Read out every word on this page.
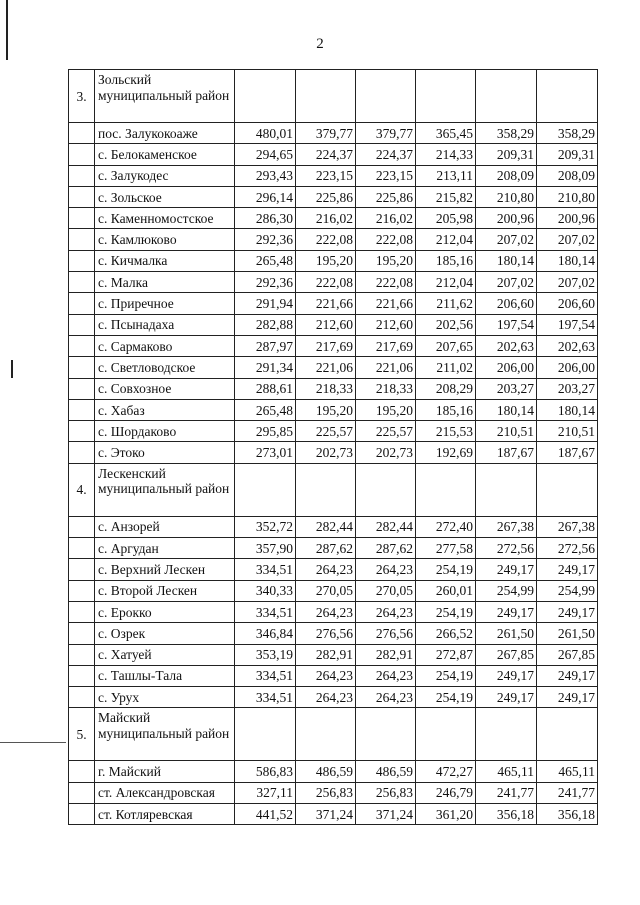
2
3.	Зольский муниципальный район						
	пос. Залукокоаже	480,01	379,77	379,77	365,45	358,29	358,29
	с. Белокаменское	294,65	224,37	224,37	214,33	209,31	209,31
	с. Залукодес	293,43	223,15	223,15	213,11	208,09	208,09
	с. Зольское	296,14	225,86	225,86	215,82	210,80	210,80
	с. Каменномостское	286,30	216,02	216,02	205,98	200,96	200,96
	с. Камлюково	292,36	222,08	222,08	212,04	207,02	207,02
	с. Кичмалка	265,48	195,20	195,20	185,16	180,14	180,14
	с. Малка	292,36	222,08	222,08	212,04	207,02	207,02
	с. Приречное	291,94	221,66	221,66	211,62	206,60	206,60
	с. Псынадаха	282,88	212,60	212,60	202,56	197,54	197,54
	с. Сармаково	287,97	217,69	217,69	207,65	202,63	202,63
	с. Светловодское	291,34	221,06	221,06	211,02	206,00	206,00
	с. Совхозное	288,61	218,33	218,33	208,29	203,27	203,27
	с. Хабаз	265,48	195,20	195,20	185,16	180,14	180,14
	с. Шордаково	295,85	225,57	225,57	215,53	210,51	210,51
	с. Этоко	273,01	202,73	202,73	192,69	187,67	187,67
4.	Лескенский муниципальный район						
	с. Анзорей	352,72	282,44	282,44	272,40	267,38	267,38
	с. Аргудан	357,90	287,62	287,62	277,58	272,56	272,56
	с. Верхний Лескен	334,51	264,23	264,23	254,19	249,17	249,17
	с. Второй Лескен	340,33	270,05	270,05	260,01	254,99	254,99
	с. Ерокко	334,51	264,23	264,23	254,19	249,17	249,17
	с. Озрек	346,84	276,56	276,56	266,52	261,50	261,50
	с. Хатуей	353,19	282,91	282,91	272,87	267,85	267,85
	с. Ташлы-Тала	334,51	264,23	264,23	254,19	249,17	249,17
	с. Урух	334,51	264,23	264,23	254,19	249,17	249,17
5.	Майский муниципальный район						
	г. Майский	586,83	486,59	486,59	472,27	465,11	465,11
	ст. Александровская	327,11	256,83	256,83	246,79	241,77	241,77
	ст. Котляревская	441,52	371,24	371,24	361,20	356,18	356,18
